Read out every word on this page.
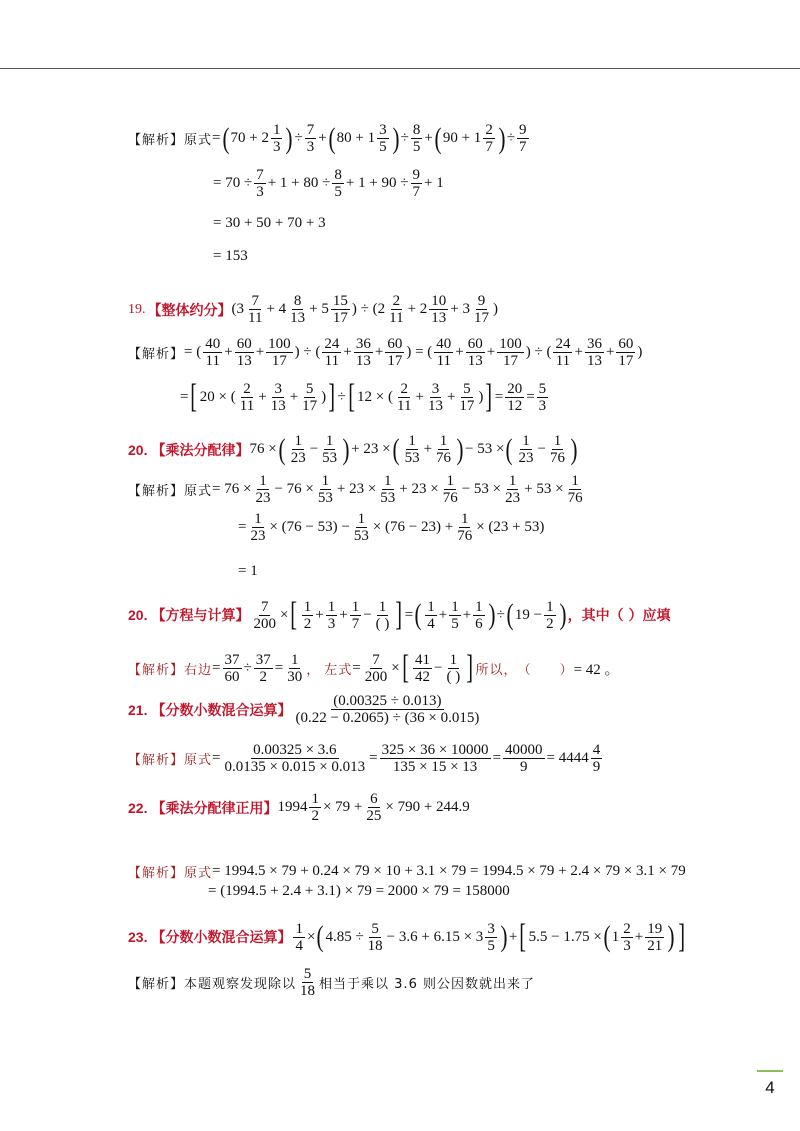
【解析】 原式 = ( 70 + 2 1
3 ) ÷ $\frac{7}{3}$ + ( 80 + 1 3
5 ) ÷ $\frac{8}{5}$ + ( 90 + 1 2
7 ) ÷ $\frac{9}{7}$
= $70 \div \frac{7}{3} + 1 + 80 \div \frac{8}{5} + 1 + 90 \div \frac{9}{7} + 1$
= 30 + 50 + 70 + 3
= 153
19. 【整体约分】 (3 7
11
+ 4 8
13
+ 5 15
17
) ÷ (2 2
11
+ 2 10
13
+ 3 9
17
)
【解析】 = ( 40
11
+ $\frac{60}{13} + \frac{100}{17}$ ) ÷ ( 24
11
+ $\frac{36}{13} + \frac{60}{17}$ ) = ( 40
11
+ $\frac{60}{13} + \frac{100}{17}$ ) ÷ ( 24
11
+ $\frac{36}{13} + \frac{60}{17}$ )
= [ 20 × ( 2
11
+ $\frac{3}{13} + \frac{5}{17}$ ) ] ÷ [ 12 × ( 2
11
+ $\frac{3}{13} + \frac{5}{17}$ ) ] = $\frac{20}{12} = \frac{5}{3}$
20. 【乘法分配律】 76 × ( 1
23
− $\frac{1}{53}$ ) + 23 × ( 1
53
+ $\frac{1}{76}$ ) − 53 × ( 1
23
− $\frac{1}{76}$ )
【解析】 原式 = $76 \times \frac{1}{23} - 76 \times \frac{1}{53} + 23 \times \frac{1}{53} + 23 \times \frac{1}{76} - 53 \times \frac{1}{23} + 53 \times \frac{1}{76}$
= $\frac{1}{23} \times (76 - 53) - \frac{1}{53} \times (76 - 23) + \frac{1}{76} \times (23 + 53)$
= 1
20. 【方程与计算】 $\frac{7}{200}$ × [ 1
2
+ $\frac{1}{3} + \frac{1}{7} - 1$
( ) ] = ( 1
4
+ $\frac{1}{5} + \frac{1}{6}$ ) ÷ ( $19 - \frac{1}{2}$ ) ，其中（ ）应填
【解析】 右边 = $\frac{37}{60} \div \frac{37}{2} = \frac{1}{30}$ ， 左式 = $\frac{7}{200}$ × [ 41
42
− 1
( ) ] 所以， （　　） = 42 。
21. 【分数小数混合运算】
(0.00325 ÷ 0.013)
(0.22 − 0.2065) ÷ (36 × 0.015)
【解析】 原式 = $\frac{0.00325 \times 3.6}{0.0135 \times 0.015 \times 0.013} = \frac{325 \times 36 \times 10000}{135 \times 15 \times 13} = \frac{40000}{9} = 4444$ 4
9
22. 【乘法分配律正用】 $1994 \frac{1}{2} \times 79 + \frac{6}{25} \times 790 + 244.9$
【解析】 原式 = 1994.5 × 79 + 0.24 × 79 × 10 + 3.1 × 79 = 1994.5 × 79 + 2.4 × 79 × 3.1 × 79
= (1994.5 + 2.4 + 3.1) × 79 = 2000 × 79 = 158000
23. 【分数小数混合运算】 $\frac{1}{4}$ × ( $4.85 \div \frac{5}{18} - 3.6 + 6.15 \times 3$ 3
5 ) + [ 5.5 − 1.75 × ( 1 2
3
+ $\frac{19}{21}$ ) ]
【解析】 本题观察发现除以
5
18 相当于乘以 3.6 则公因数就出来了
4
